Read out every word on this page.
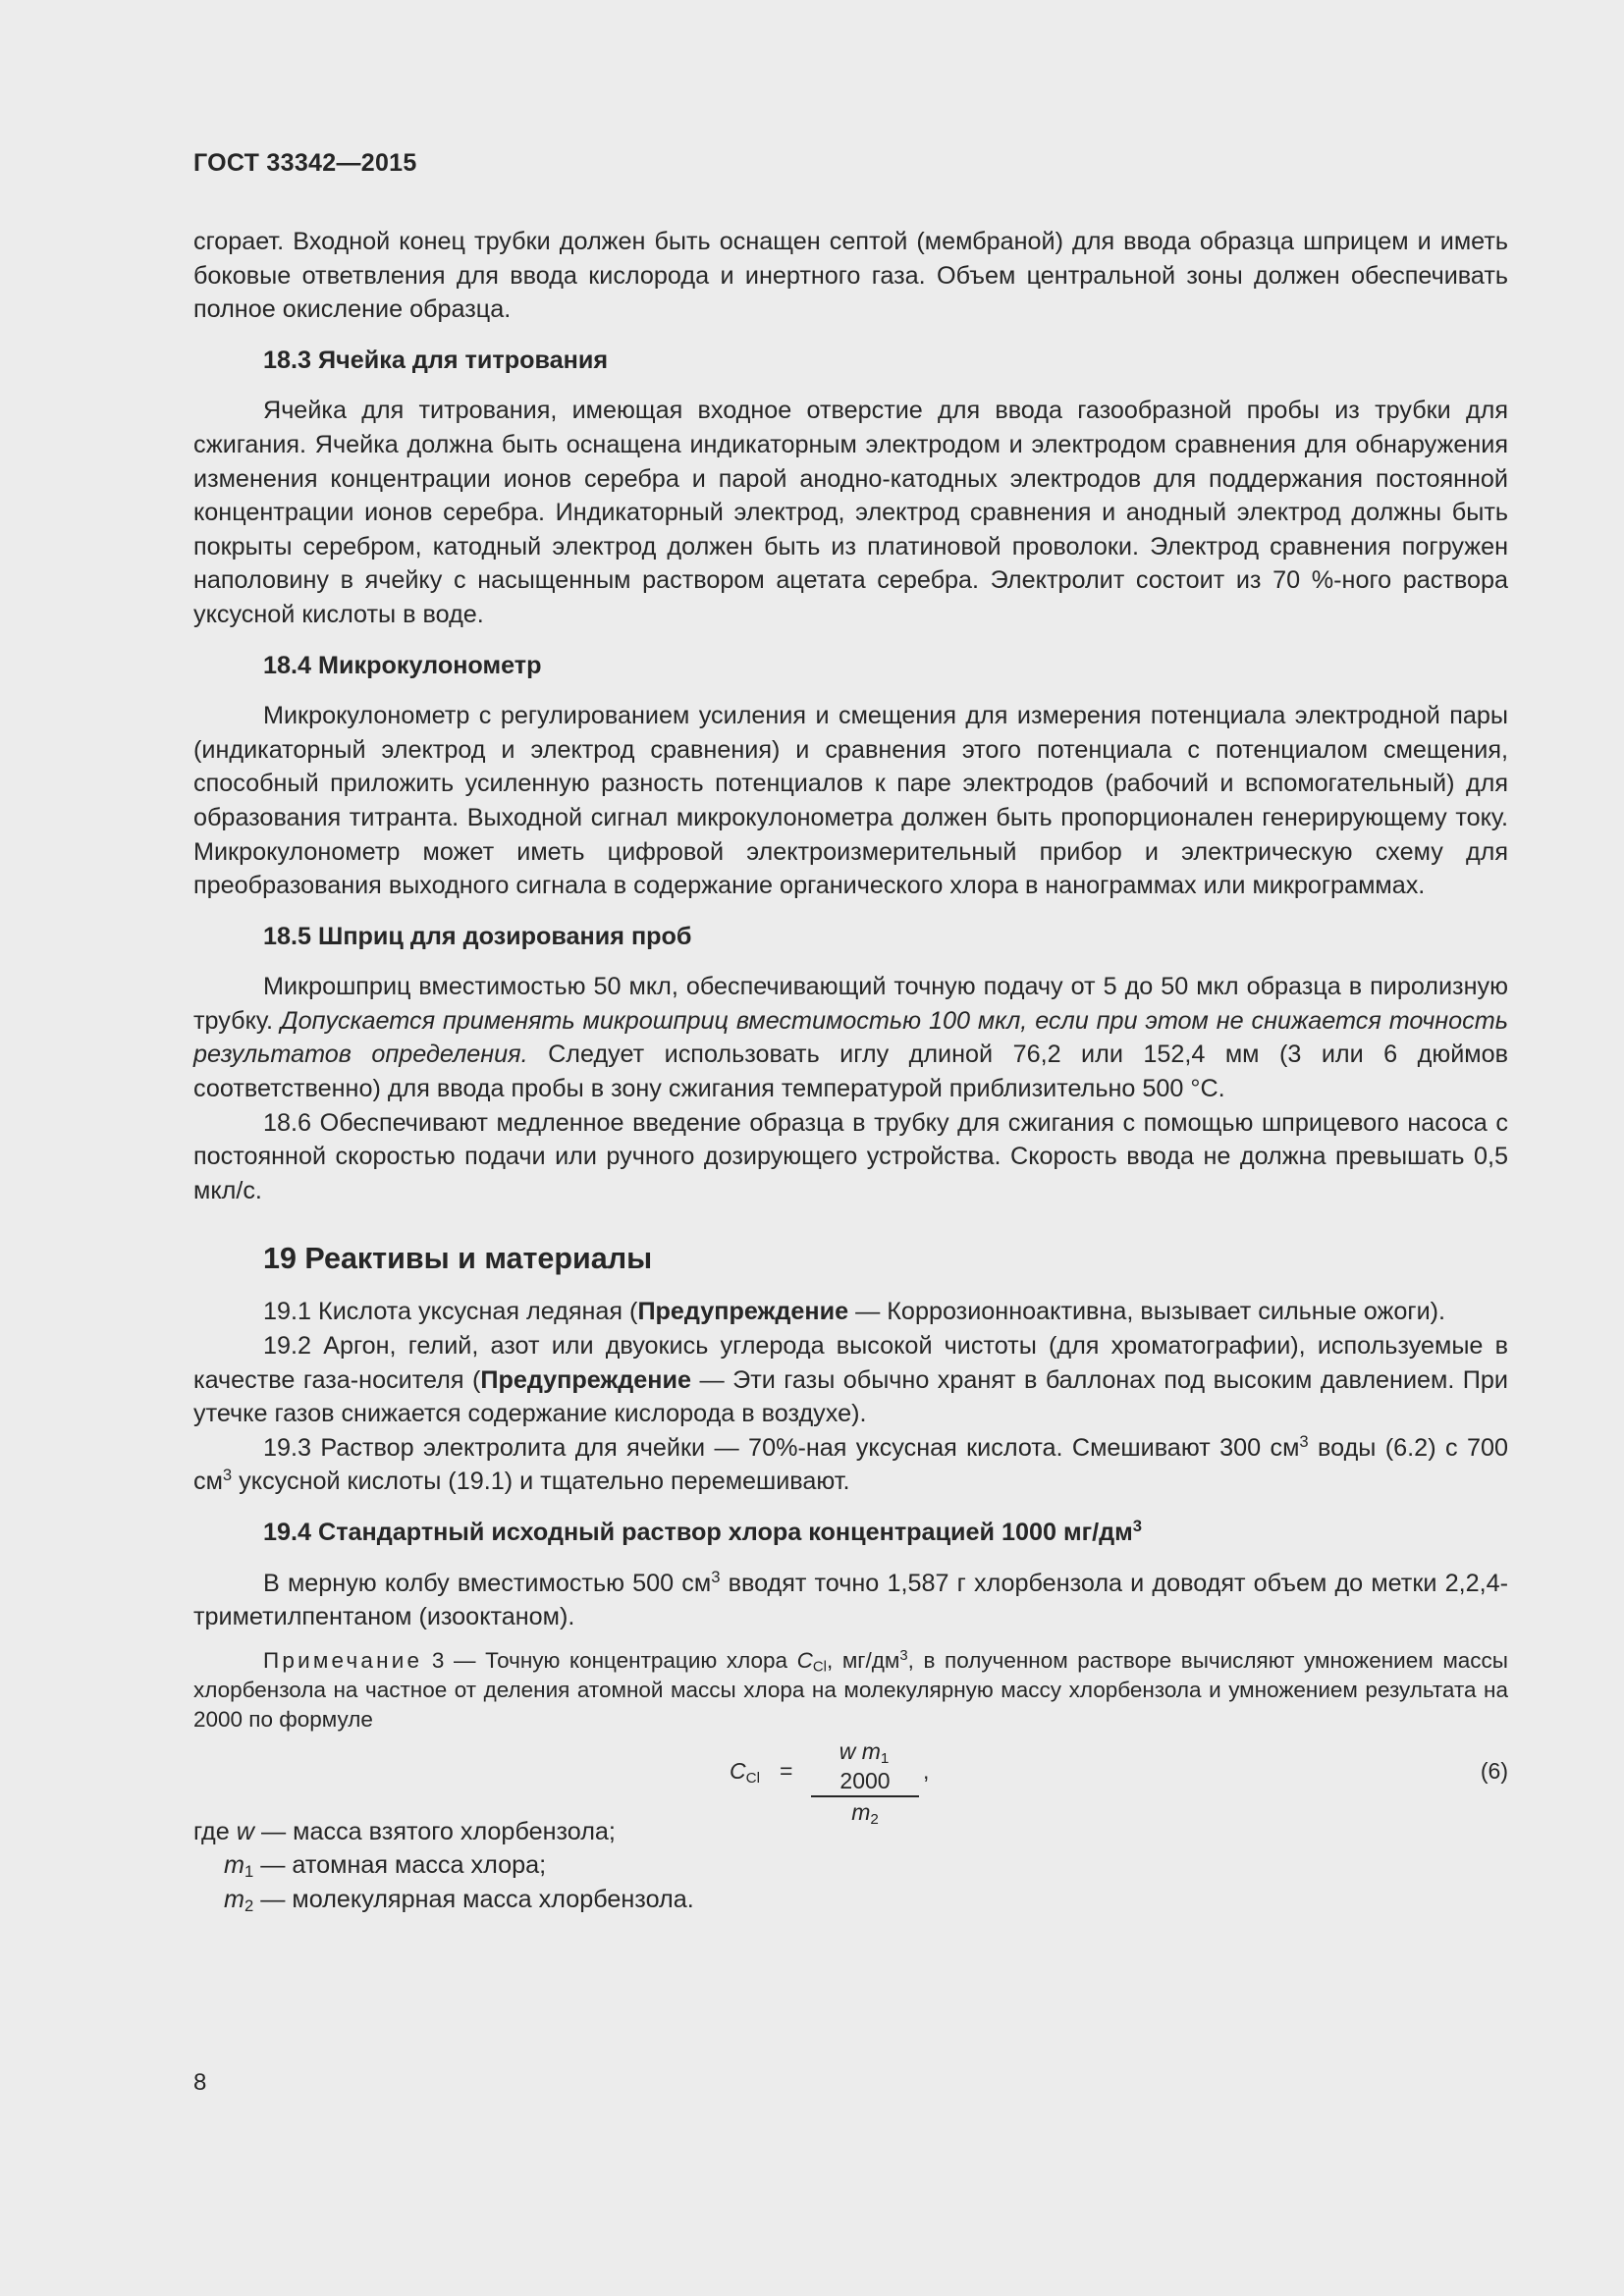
ГОСТ 33342—2015

сгорает. Входной конец трубки должен быть оснащен септой (мембраной) для ввода образца шприцем и иметь боковые ответвления для ввода кислорода и инертного газа. Объем центральной зоны должен обеспечивать полное окисление образца.

18.3 Ячейка для титрования

Ячейка для титрования, имеющая входное отверстие для ввода газообразной пробы из трубки для сжигания. Ячейка должна быть оснащена индикаторным электродом и электродом сравнения для обнаружения изменения концентрации ионов серебра и парой анодно-катодных электродов для поддержания постоянной концентрации ионов серебра. Индикаторный электрод, электрод сравнения и анодный электрод должны быть покрыты серебром, катодный электрод должен быть из платиновой проволоки. Электрод сравнения погружен наполовину в ячейку с насыщенным раствором ацетата серебра. Электролит состоит из 70 %-ного раствора уксусной кислоты в воде.

18.4 Микрокулонометр

Микрокулонометр с регулированием усиления и смещения для измерения потенциала электродной пары (индикаторный электрод и электрод сравнения) и сравнения этого потенциала с потенциалом смещения, способный приложить усиленную разность потенциалов к паре электродов (рабочий и вспомогательный) для образования титранта. Выходной сигнал микрокулонометра должен быть пропорционален генерирующему току. Микрокулонометр может иметь цифровой электроизмерительный прибор и электрическую схему для преобразования выходного сигнала в содержание органического хлора в нанограммах или микрограммах.

18.5 Шприц для дозирования проб

Микрошприц вместимостью 50 мкл, обеспечивающий точную подачу от 5 до 50 мкл образца в пиролизную трубку. Допускается применять микрошприц вместимостью 100 мкл, если при этом не снижается точность результатов определения. Следует использовать иглу длиной 76,2 или 152,4 мм (3 или 6 дюймов соответственно) для ввода пробы в зону сжигания температурой приблизительно 500 °С.

18.6 Обеспечивают медленное введение образца в трубку для сжигания с помощью шприцевого насоса с постоянной скоростью подачи или ручного дозирующего устройства. Скорость ввода не должна превышать 0,5 мкл/с.

19 Реактивы и материалы

19.1 Кислота уксусная ледяная (Предупреждение — Коррозионноактивна, вызывает сильные ожоги).

19.2 Аргон, гелий, азот или двуокись углерода высокой чистоты (для хроматографии), используемые в качестве газа-носителя (Предупреждение — Эти газы обычно хранят в баллонах под высоким давлением. При утечке газов снижается содержание кислорода в воздухе).

19.3 Раствор электролита для ячейки — 70%-ная уксусная кислота. Смешивают 300 $см^3$ воды (6.2) с 700 $см^3$ уксусной кислоты (19.1) и тщательно перемешивают.

19.4 Стандартный исходный раствор хлора концентрацией 1000 $мг/дм^3$

В мерную колбу вместимостью 500 $см^3$ вводят точно 1,587 г хлорбензола и доводят объем до метки 2,2,4-триметилпентаном (изооктаном).

Примечание 3 — Точную концентрацию хлора $C_{Cl}$, $мг/дм^3$, в полученном растворе вычисляют умножением массы хлорбензола на частное от деления атомной массы хлора на молекулярную массу хлорбензола и умножением результата на 2000 по формуле

$C_{Cl}$ =
w $m_1$ 2000
$m_2$
,	(6)

где w — масса взятого хлорбензола;

$m_1$ — атомная масса хлора;

$m_2$ — молекулярная масса хлорбензола.

8
